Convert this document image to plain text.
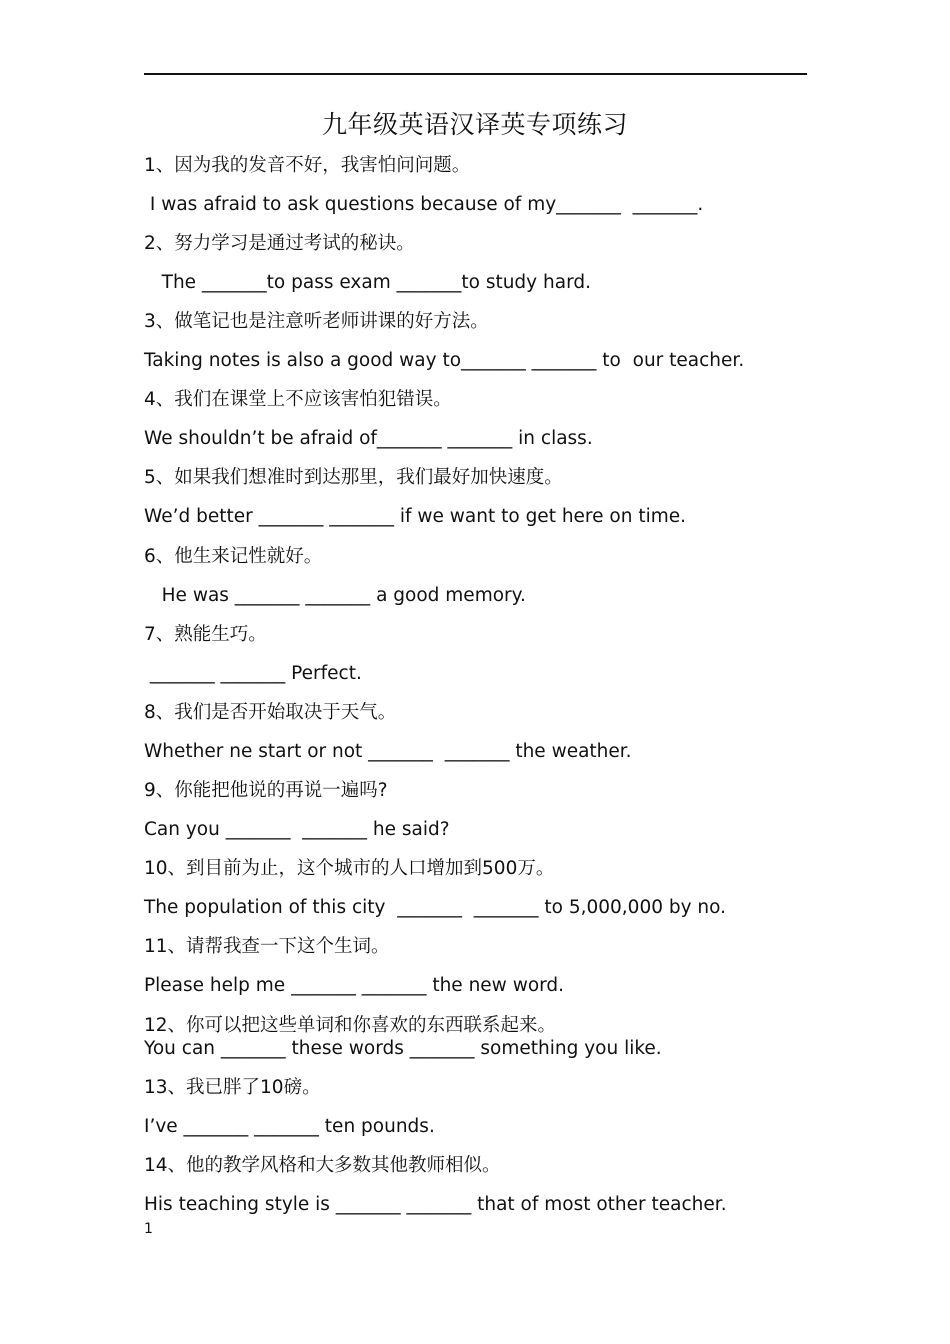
九年级英语汉译英专项练习
1、因为我的发音不好，我害怕问问题。
I was afraid to ask questions because of my_______  _______.
2、努力学习是通过考试的秘诀。
The _______to pass exam _______to study hard.
3、做笔记也是注意听老师讲课的好方法。
Taking notes is also a good way to_______ _______ to  our teacher.
4、我们在课堂上不应该害怕犯错误。
We shouldn’t be afraid of_______ _______ in class.
5、如果我们想准时到达那里，我们最好加快速度。
We’d better _______ _______ if we want to get here on time.
6、他生来记性就好。
He was _______ _______ a good memory.
7、熟能生巧。
_______ _______ Perfect.
8、我们是否开始取决于天气。
Whether ne start or not _______  _______ the weather.
9、你能把他说的再说一遍吗?
Can you _______  _______ he said?
10、到目前为止，这个城市的人口增加到500万。
The population of this city  _______  _______ to 5,000,000 by no.
11、请帮我查一下这个生词。
Please help me _______ _______ the new word.
12、你可以把这些单词和你喜欢的东西联系起来。
You can _______ these words _______ something you like.
13、我已胖了10磅。
I’ve _______ _______ ten pounds.
14、他的教学风格和大多数其他教师相似。
His teaching style is _______ _______ that of most other teacher.
1
